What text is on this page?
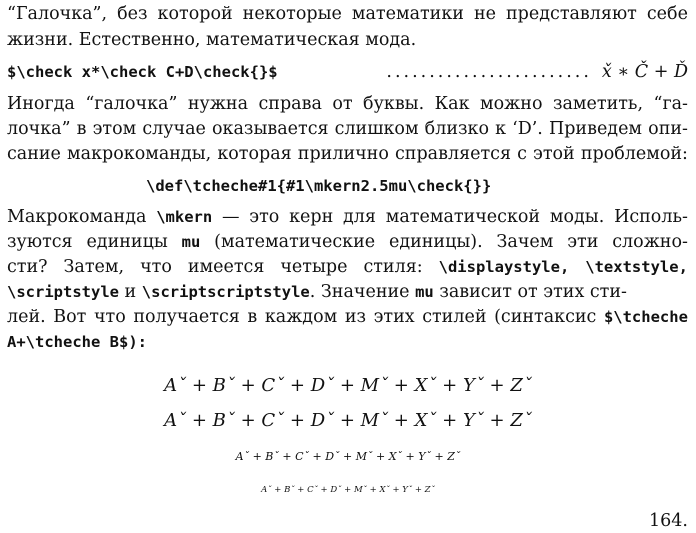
“Галочка”, без которой некоторые математики не представляют себе
жизни. Естественно, математическая мода.
$\check x*\check C+D\check{}$	........................ x̌ ∗ Č + Ď
Иногда “галочка” нужна справа от буквы. Как можно заметить, “га-
лочка” в этом случае оказывается слишком близко к ‘D’. Приведем опи-
сание макрокоманды, которая прилично справляется с этой проблемой:
\def\tcheche#1{#1\mkern2.5mu\check{}}
Макрокоманда \mkern — это керн для математической моды. Исполь-
зуются единицы mu (математические единицы). Зачем эти сложно-
сти? Затем, что имеется четыре стиля: \displaystyle, \textstyle,
\scriptstyle и \scriptscriptstyle. Значение mu зависит от этих сти-
лей. Вот что получается в каждом из этих стилей (синтаксис $\tcheche
A+\tcheche B$):
Aˇ + Bˇ + Cˇ + Dˇ + Mˇ + Xˇ + Yˇ + Zˇ
Aˇ + Bˇ + Cˇ + Dˇ + Mˇ + Xˇ + Yˇ + Zˇ
Aˇ + Bˇ + Cˇ + Dˇ + Mˇ + Xˇ + Yˇ + Zˇ
Aˇ + Bˇ + Cˇ + Dˇ + Mˇ + Xˇ + Yˇ + Zˇ
164.
